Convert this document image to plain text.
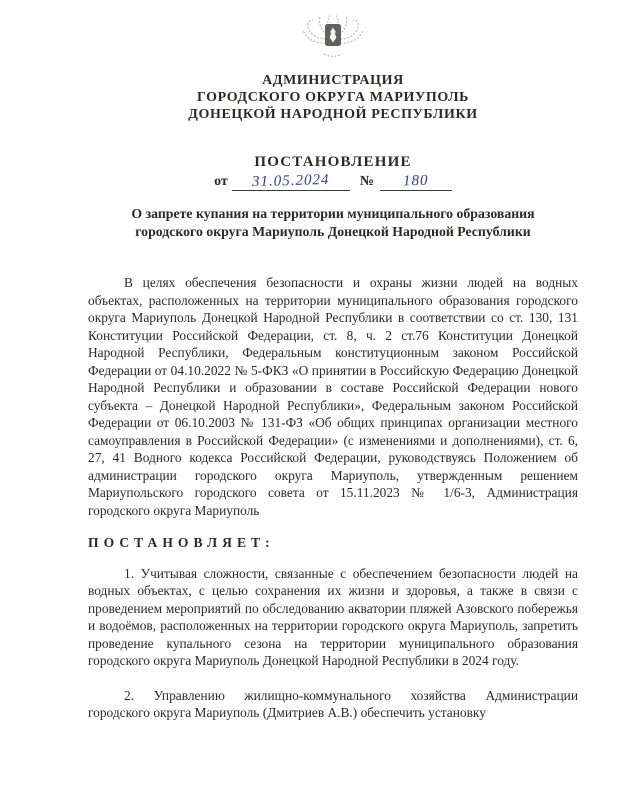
АДМИНИСТРАЦИЯ
ГОРОДСКОГО ОКРУГА МАРИУПОЛЬ
ДОНЕЦКОЙ НАРОДНОЙ РЕСПУБЛИКИ
ПОСТАНОВЛЕНИЕ
от 31.05.2024 № 180
О запрете купания на территории муниципального образования
городского округа Мариуполь Донецкой Народной Республики

В целях обеспечения безопасности и охраны жизни людей на водных объектах, расположенных на территории муниципального образования городского округа Мариуполь Донецкой Народной Республики в соответствии со ст. 130, 131 Конституции Российской Федерации, ст. 8, ч. 2 ст.76 Конституции Донецкой Народной Республики, Федеральным конституционным законом Российской Федерации от 04.10.2022 № 5-ФКЗ «О принятии в Российскую Федерацию Донецкой Народной Республики и образовании в составе Российской Федерации нового субъекта – Донецкой Народной Республики», Федеральным законом Российской Федерации от 06.10.2003 № 131-ФЗ «Об общих принципах организации местного самоуправления в Российской Федерации» (с изменениями и дополнениями), ст. 6, 27, 41 Водного кодекса Российской Федерации, руководствуясь Положением об администрации городского округа Мариуполь, утвержденным решением Мариупольского городского совета от 15.11.2023 № 1/6-3, Администрация городского округа Мариуполь

ПОСТАНОВЛЯЕТ:

1. Учитывая сложности, связанные с обеспечением безопасности людей на водных объектах, с целью сохранения их жизни и здоровья, а также в связи с проведением мероприятий по обследованию акватории пляжей Азовского побережья и водоёмов, расположенных на территории городского округа Мариуполь, запретить проведение купального сезона на территории муниципального образования городского округа Мариуполь Донецкой Народной Республики в 2024 году.

2. Управлению жилищно-коммунального хозяйства Администрации городского округа Мариуполь (Дмитриев А.В.) обеспечить установку
